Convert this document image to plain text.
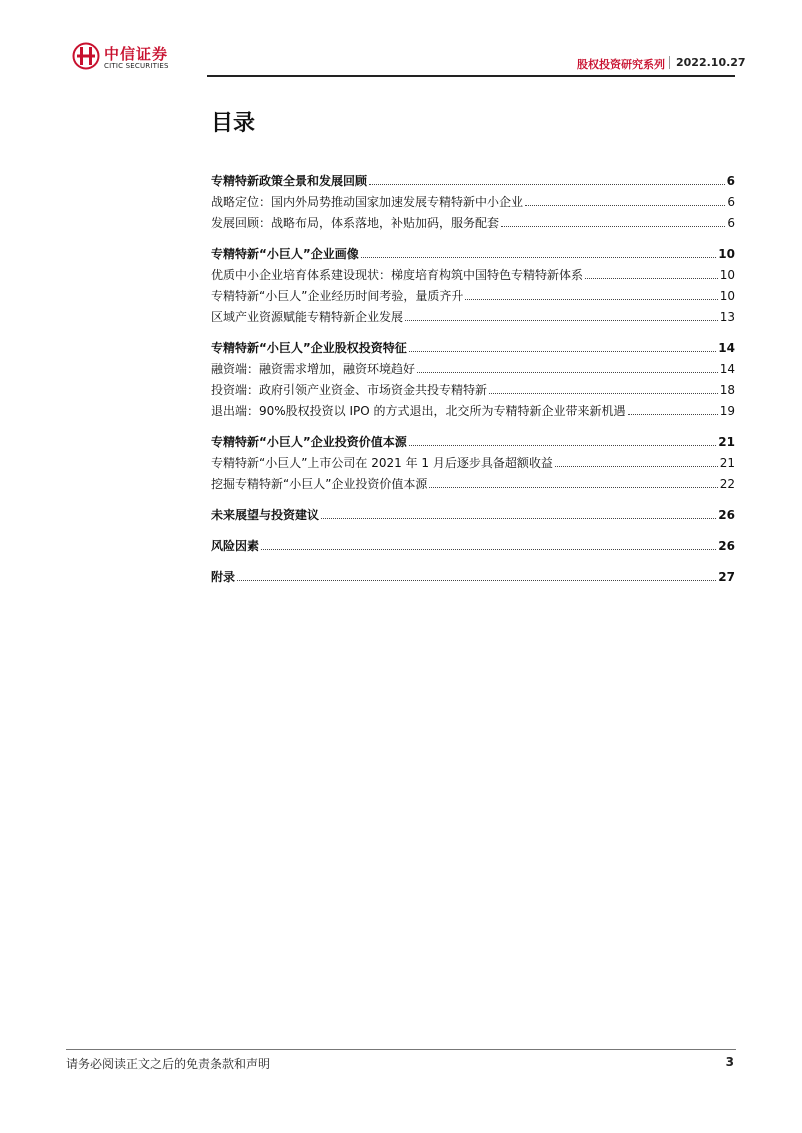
中信证券
CITIC SECURITIES	股权投资研究系列 2022.10.27
目录
专精特新政策全景和发展回顾	6
战略定位：国内外局势推动国家加速发展专精特新中小企业	6
发展回顾：战略布局，体系落地，补贴加码，服务配套	6
专精特新“小巨人”企业画像	10
优质中小企业培育体系建设现状：梯度培育构筑中国特色专精特新体系	10
专精特新“小巨人”企业经历时间考验，量质齐升	10
区域产业资源赋能专精特新企业发展	13
专精特新“小巨人”企业股权投资特征	14
融资端：融资需求增加，融资环境趋好	14
投资端：政府引领产业资金、市场资金共投专精特新	18
退出端：90%股权投资以 IPO 的方式退出，北交所为专精特新企业带来新机遇	19
专精特新“小巨人”企业投资价值本源	21
专精特新“小巨人”上市公司在 2021 年 1 月后逐步具备超额收益	21
挖掘专精特新“小巨人”企业投资价值本源	22
未来展望与投资建议	26
风险因素	26
附录	27
请务必阅读正文之后的免责条款和声明	3
